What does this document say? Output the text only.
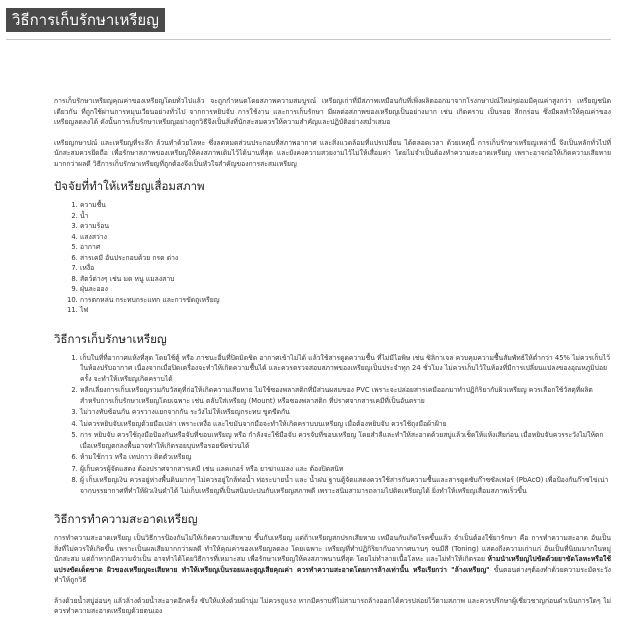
วิธีการเก็บรักษาเหรียญ

การเก็บรักษาเหรียญคุณค่าของเหรียญโดยทั่วไปแล้ว จะถูกกำหนดโดยสภาพความสมบูรณ์ เหรียญเก่าที่มีสภาพเหมือนกับที่เพิ่งผลิตออกมาจากโรงกษาปณ์ใหม่ๆย่อมมีคุณค่าสูงกว่า เหรียญชนิดเดียวกัน ที่ถูกใช้ผ่านการหมุนเวียนอย่างทั่วไป จากการหยิบจับ การใช้งาน และการเก็บรักษา มีผลต่อสภาพของเหรียญเป็นอย่างมาก เช่น เกิดคราบ เป็นรอย สึกกร่อน ซึ่งมีผลทำให้คุณค่าของเหรียญลดลงได้ ดังนั้นการเก็บรักษาเหรียญอย่างถูกวิธีจึงเป็นสิ่งที่นักสะสมควรให้ความสำคัญและปฏิบัติอย่างสม่ำเสมอ

เหรียญกษาปณ์ และเหรียญที่ระลึก ล้วนทำด้วยโลหะ ซึ่งลดหมดส่วนประกอบที่สภาพอากาศ และสิ่งแวดล้อมที่แปรเปลี่ยน ได้ตลอดเวลา ด้วยเหตุนี้ การเก็บรักษาเหรียญเหล่านี้ จึงเป็นหลักทั่วไปที่นักสะสมควรยึดถือ เพื่อรักษาสภาพของเหรียญให้คงสภาพเดิมไว้ได้นานที่สุด และยังคงความสวยงามไว้ไม่ให้เสื่อมค่า โดยไม่จำเป็นต้องทำความสะอาดเหรียญ เพราะอาจก่อให้เกิดความเสียหายมากกว่าผลดี วิธีการเก็บรักษาเหรียญที่ถูกต้องจึงเป็นหัวใจสำคัญของการสะสมเหรียญ

ปัจจัยที่ทำให้เหรียญเสื่อมสภาพ
1. ความชื้น
2. น้ำ
3. ความร้อน
4. แสงสว่าง
5. อากาศ
6. สารเคมี อันประกอบด้วย กรด ด่าง
7. เหงื่อ
8. สัตว์ต่างๆ เช่น มด หนู แมลงสาบ
9. ฝุ่นละออง
10. การตกหล่น กระทบกระแทก และการขัดถูเหรียญ
11. ไฟ
วิธีการเก็บรักษาเหรียญ
1. เก็บในที่ที่อากาศแห้งที่สุด โดยใช้ตู้ หรือ ภาชนะอื่นที่ปิดมิดชิด อากาศเข้าไม่ได้ แล้วใช้สารดูดความชื้น ที่ไม่มีไอพิษ เช่น ซิลิกาเจล ควบคุมความชื้นสัมพัทธ์ให้ต่ำกว่า 45% ไม่ควรเก็บไว้ในห้องปรับอากาศ เนื่องจากเมื่อปิดเครื่องจะทำให้เกิดความชื้นได้ และควรตรวจสอบสภาพของเหรียญเป็นประจำทุก 24 ชั่วโมง ไม่ควรเก็บไว้ในห้องที่มีการเปลี่ยนแปลงของอุณหภูมิบ่อยครั้ง จะทำให้เหรียญเกิดคราบได้
2. หลีกเลี่ยงการเก็บเหรียญรวมกับวัสดุที่ก่อให้เกิดความเสียหาย ไม่ใช้ซองพลาสติกที่มีส่วนผสมของ PVC เพราะจะปล่อยสารเคมีออกมาทำปฏิกิริยากับผิวเหรียญ ควรเลือกใช้วัสดุที่ผลิตสำหรับการเก็บรักษาเหรียญโดยเฉพาะ เช่น ตลับใส่เหรียญ (Mount) หรือซองพลาสติก ที่ปราศจากสารเคมีที่เป็นอันตราย
3. ไม่วางทับซ้อนกัน ควรวางแยกจากกัน ระวังไม่ให้เหรียญกระทบ ขูดขีดกัน
4. ไม่ควรหยิบจับเหรียญด้วยมือเปล่า เพราะเหงื่อ และไขมันจากมือจะทำให้เกิดคราบบนเหรียญ เมื่อต้องหยิบจับ ควรใช้ถุงมือผ้าฝ้าย
5. การ หยิบจับ ควรใช้ถุงมือป้องกันหรือจับที่ขอบเหรียญ หรือ กำลังจะใช้มือจับ ควรจับที่ขอบเหรียญ โดยสำลีและทำให้สะอาดด้วยสบู่แล้วเช็ดให้แห้งเสียก่อน เมื่อหยิบจับควรระวังไม่ให้ตก เมื่อเหรียญตกลงพื้นอาจทำให้เกิดรอยบุบหรือรอยขีดข่วนได้
6. ห้ามใช้กาว หรือ เทปกาว ติดตัวเหรียญ
7. ผู้เก็บควรผู้จัดแสดง ต้องปราศจากสารเคมี เช่น แลคเกอร์ หรือ ยาฆ่าแมลง และ ต้องปิดสนิท
8. ผู้ เก็บเหรียญเงิน ควรอยู่ห่างพื้นดินมากๆ ไม่ควรอยู่ใกล้ท่อน้ำ ท่อระบายน้ำ และ น้ำฝน ฐานตู้จัดแสดงควรใช้สารกันความชื้นและสารดูดซับก๊าซซัลเฟอร์ (PbAcO) เพื่อป้องกันก๊าซไข่เน่า จากบรรยากาศที่ทำให้ผิวเงินดำได้ ไม่เก็บเหรียญที่เป็นสนิมปะปนกับเหรียญสภาพดี เพราะสนิมสามารถลามไปติดเหรียญได้ ยิ่งทำให้เหรียญเสื่อมสภาพเร็วขึ้น
วิธีการทำความสะอาดเหรียญ

การทำความสะอาดเหรียญ เป็นวิธีการป้องกันไม่ให้เกิดความเสียหาย ขึ้นกับเหรียญ แต่ถ้าเหรียญสกปรกเสียหาย เหมือนกับเกิดโรคขึ้นแล้ว จำเป็นต้องใช้ยารักษา คือ การทำความสะอาด อันเป็นสิ่งที่ไม่ควรให้เกิดขึ้น เพราะเป็นผลเสียมากกว่าผลดี ทำให้คุณค่าของเหรียญลดลง โดยเฉพาะ เหรียญที่ทำปฏิกิริยากับอากาศนานๆ จนมีสี (Toning) แสดงถึงความเก่าแก่ อันเป็นที่นิยมมากในหมู่นักสะสม แต่ถ้าหากมีความจำเป็น อาจทำได้โดยวิธีการที่เหมาะสม เพื่อรักษาเหรียญให้คงสภาพนานที่สุด โดยไม่ทำลายเนื้อโลหะ และไม่ทำให้เกิดรอย ห้ามนำเหรียญไปขัดด้วยยาขัดโลหะหรือใช้แปรงขัดเด็ดขาด ผิวของเหรียญจะเสียหาย ทำให้เหรียญเป็นรอยและสูญเสียคุณค่า ควรทำความสะอาดโดยการล้างเท่านั้น หรือเรียกว่า "ล้างเหรียญ" ขั้นตอนต่างๆต้องทำด้วยความระมัดระวัง ทำให้ถูกวิธี

ล้างด้วยน้ำสบู่อ่อนๆ แล้วล้างด้วยน้ำสะอาดอีกครั้ง ซับให้แห้งด้วยผ้านุ่ม ไม่ควรถูแรง หากมีคราบที่ไม่สามารถล้างออกได้ควรปล่อยไว้ตามสภาพ และควรปรึกษาผู้เชี่ยวชาญก่อนดำเนินการใดๆ ไม่ควรทำความสะอาดเหรียญด้วยตนเอง
